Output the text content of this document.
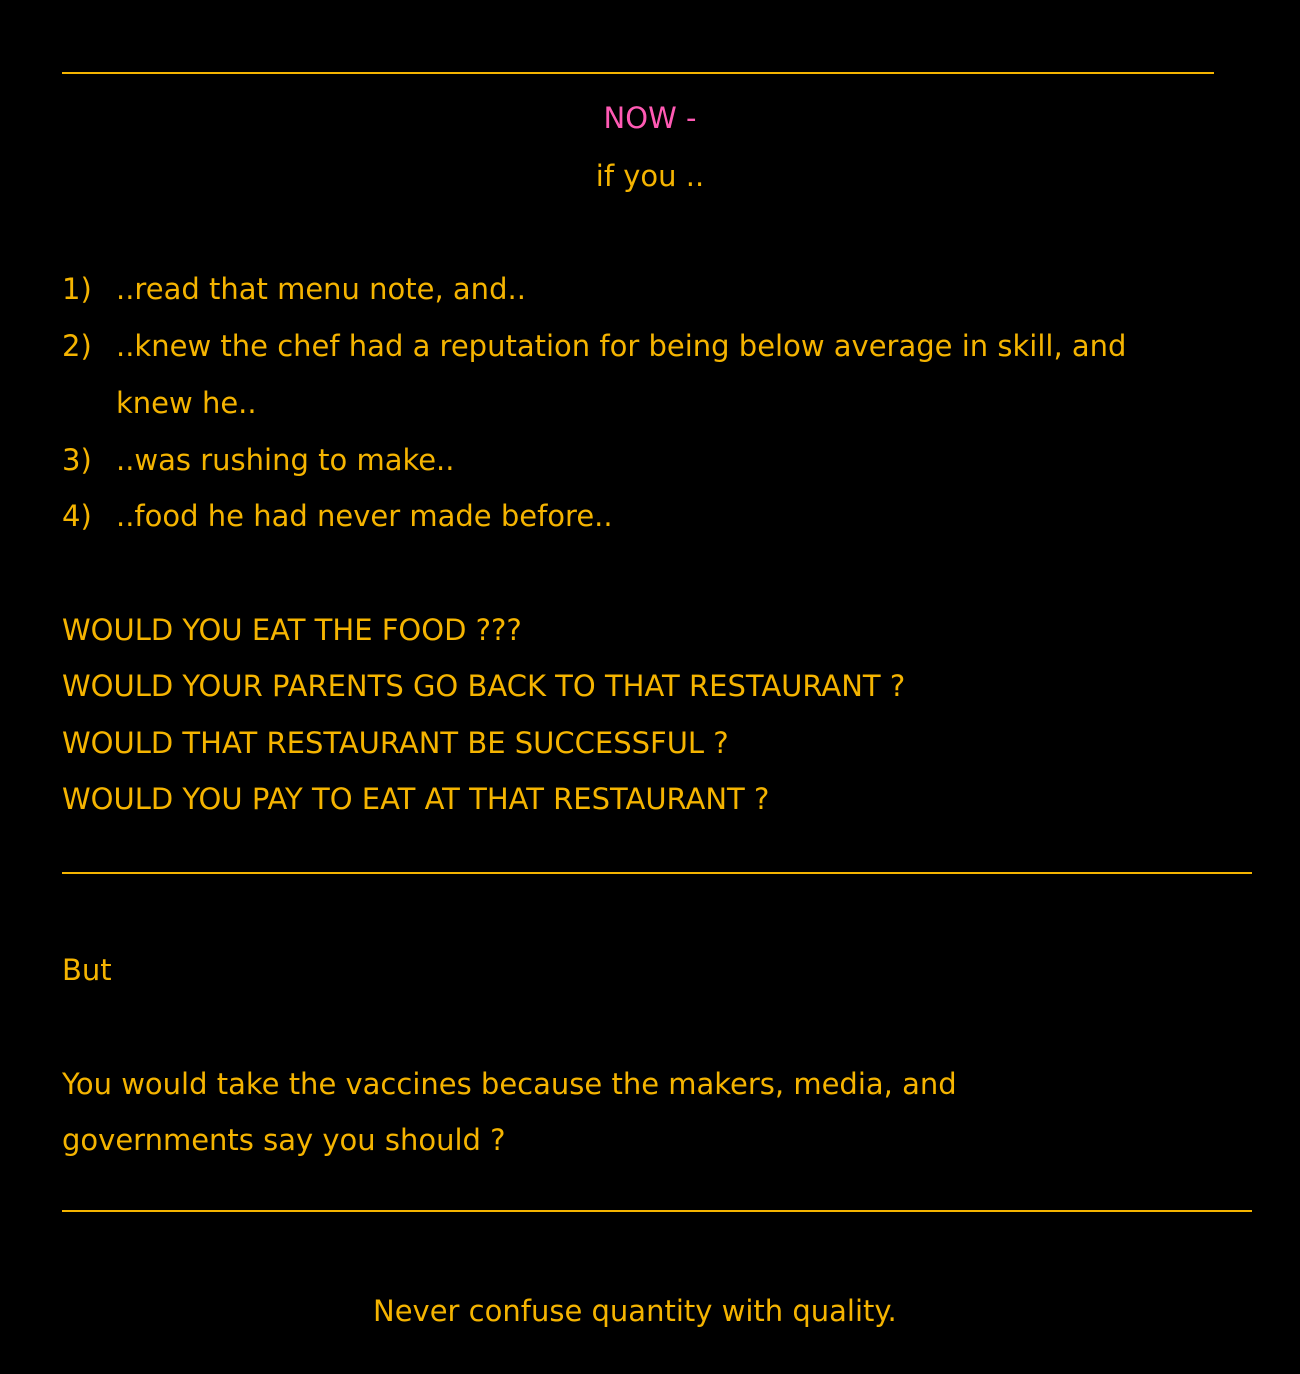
NOW -
if you ..
1) ..read that menu note, and..
2) ..knew the chef had a reputation for being below average in skill, and
knew he..
3) ..was rushing to make..
4) ..food he had never made before..
WOULD YOU EAT THE FOOD ???
WOULD YOUR PARENTS GO BACK TO THAT RESTAURANT ?
WOULD THAT RESTAURANT BE SUCCESSFUL ?
WOULD YOU PAY TO EAT AT THAT RESTAURANT ?
But
You would take the vaccines because the makers, media, and
governments say you should ?
Never confuse quantity with quality.
